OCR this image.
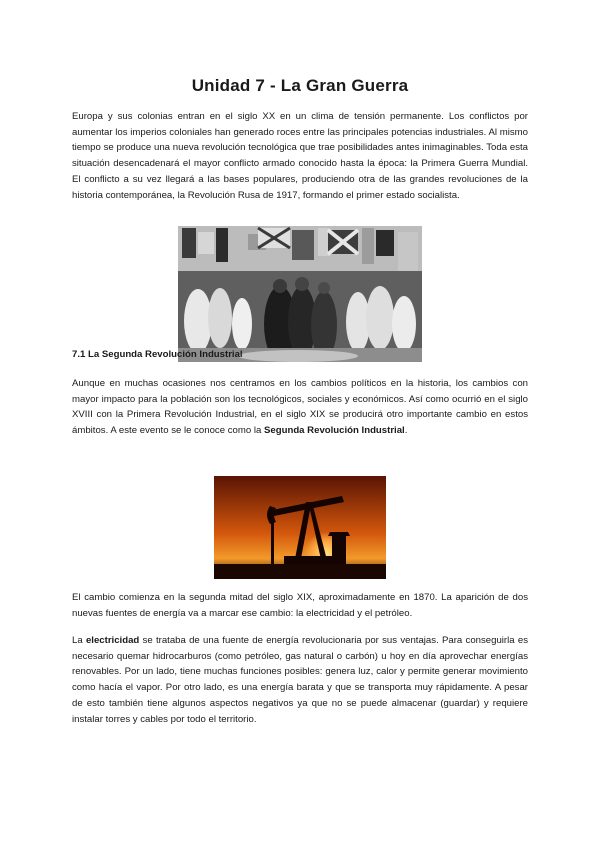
Unidad 7 - La Gran Guerra

Europa y sus colonias entran en el siglo XX en un clima de tensión permanente. Los conflictos por aumentar los imperios coloniales han generado roces entre las principales potencias industriales. Al mismo tiempo se produce una nueva revolución tecnológica que trae posibilidades antes inimaginables. Toda esta situación desencadenará el mayor conflicto armado conocido hasta la época: la Primera Guerra Mundial. El conflicto a su vez llegará a las bases populares, produciendo otra de las grandes revoluciones de la historia contemporánea, la Revolución Rusa de 1917, formando el primer estado socialista.

7.1 La Segunda Revolución Industrial

Aunque en muchas ocasiones nos centramos en los cambios políticos en la historia, los cambios con mayor impacto para la población son los tecnológicos, sociales y económicos. Así como ocurrió en el siglo XVIII con la Primera Revolución Industrial, en el siglo XIX se producirá otro importante cambio en estos ámbitos. A este evento se le conoce como la Segunda Revolución Industrial.

El cambio comienza en la segunda mitad del siglo XIX, aproximadamente en 1870. La aparición de dos nuevas fuentes de energía va a marcar ese cambio: la electricidad y el petróleo.

La electricidad se trataba de una fuente de energía revolucionaria por sus ventajas. Para conseguirla es necesario quemar hidrocarburos (como petróleo, gas natural o carbón) u hoy en día aprovechar energías renovables. Por un lado, tiene muchas funciones posibles: genera luz, calor y permite generar movimiento como hacía el vapor. Por otro lado, es una energía barata y que se transporta muy rápidamente. A pesar de esto también tiene algunos aspectos negativos ya que no se puede almacenar (guardar) y requiere instalar torres y cables por todo el territorio.
